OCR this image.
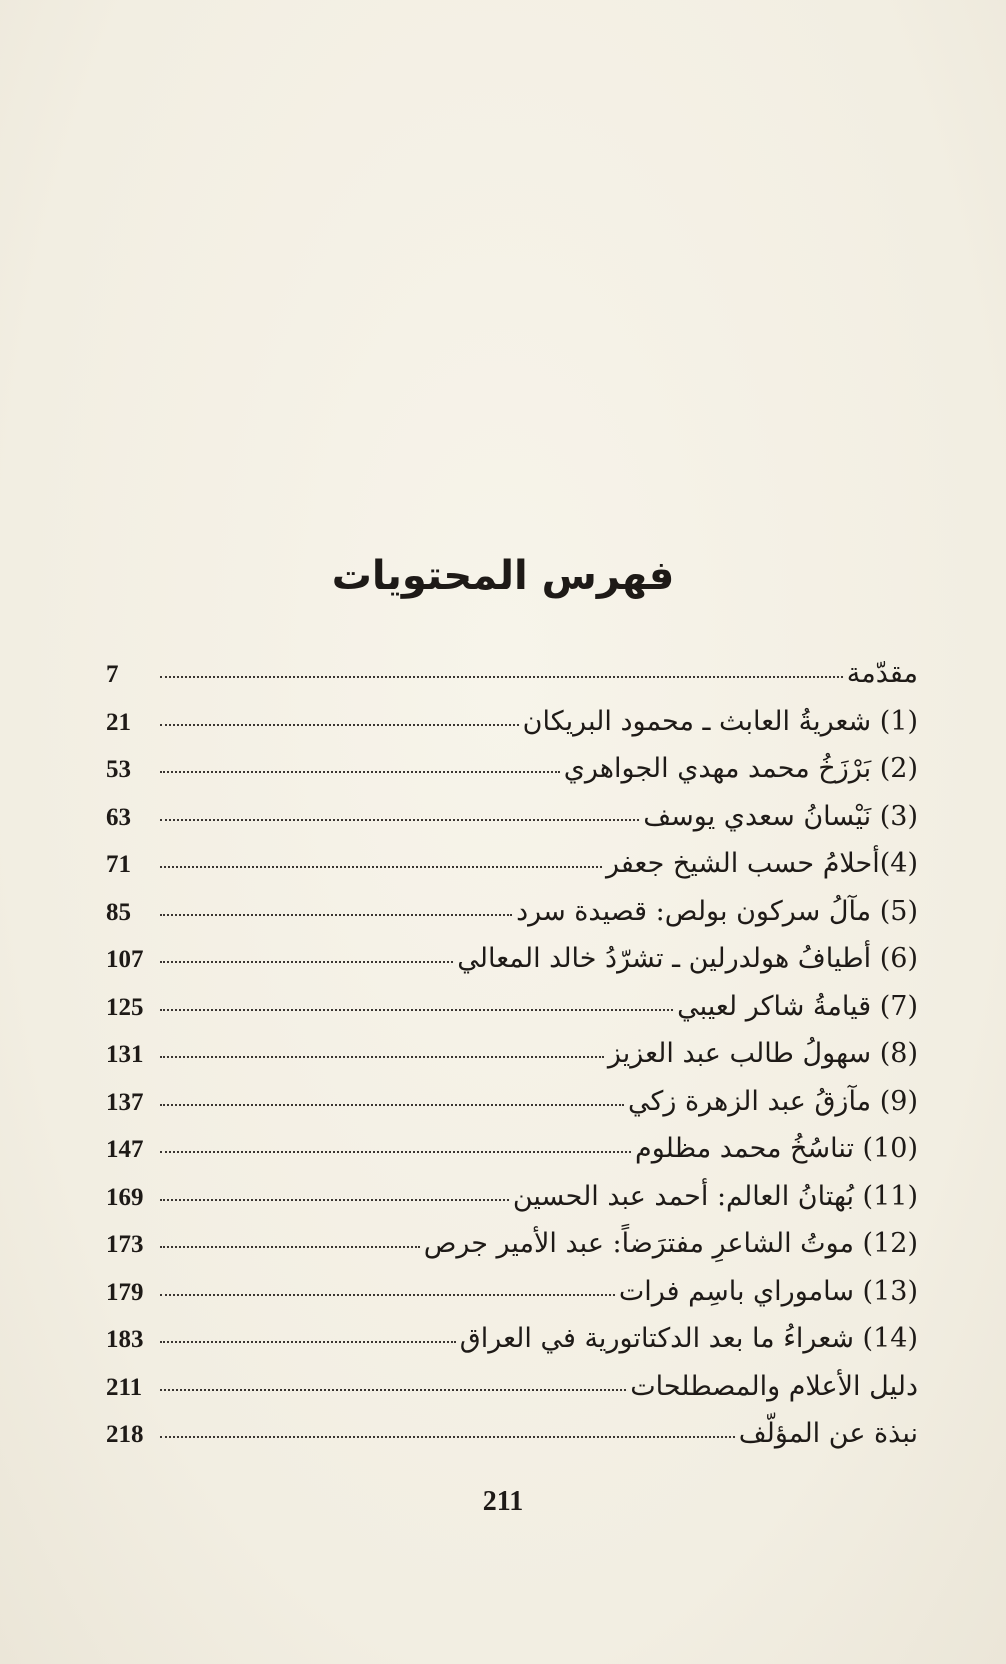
فهرس المحتويات
مقدّمة
7
(1) شعريةُ العابث ـ محمود البريكان
21
(2) بَرْزَخُ محمد مهدي الجواهري
53
(3) نَيْسانُ سعدي يوسف
63
(4)أحلامُ حسب الشيخ جعفر
71
(5) مآلُ سركون بولص: قصيدة سرد
85
(6) أطيافُ هولدرلين ـ تشرّدُ خالد المعالي
107
(7) قيامةُ شاكر لعيبي
125
(8) سهولُ طالب عبد العزيز
131
(9) مآزقُ عبد الزهرة زكي
137
(10) تناسُخُ محمد مظلوم
147
(11) بُهتانُ العالم: أحمد عبد الحسين
169
(12) موتُ الشاعرِ مفترَضاً: عبد الأمير جرص
173
(13) ساموراي باسِم فرات
179
(14) شعراءُ ما بعد الدكتاتورية في العراق
183
دليل الأعلام والمصطلحات
211
نبذة عن المؤلّف
218
211
